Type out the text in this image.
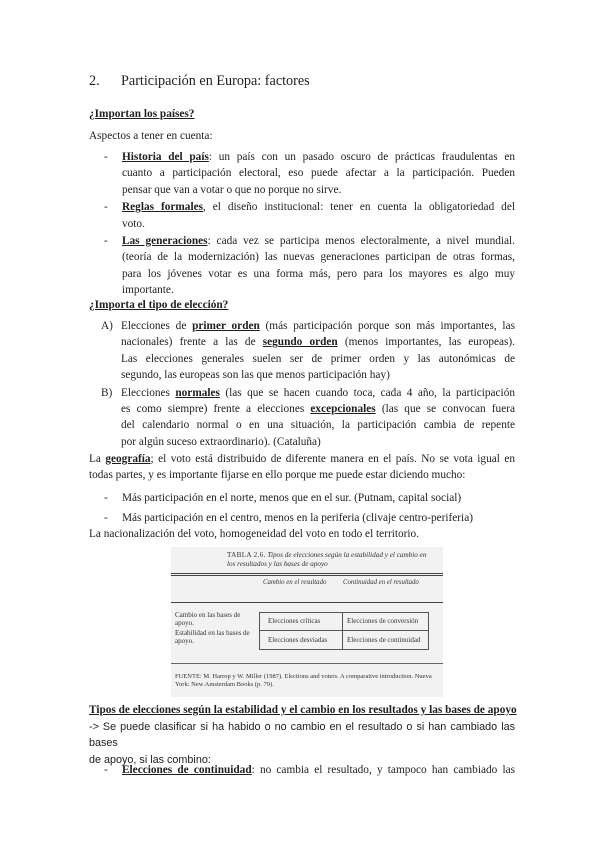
2. Participación en Europa: factores
¿Importan los países?
Aspectos a tener en cuenta:
-	Historia del país: un país con un pasado oscuro de prácticas fraudulentas en
cuanto a participación electoral, eso puede afectar a la participación. Pueden
pensar que van a votar o que no porque no sirve.
-	Reglas formales, el diseño institucional: tener en cuenta la obligatoriedad del
voto.
-	Las generaciones: cada vez se participa menos electoralmente, a nivel mundial.
(teoría de la modernización) las nuevas generaciones participan de otras formas,
para los jóvenes votar es una forma más, pero para los mayores es algo muy
importante.
¿Importa el tipo de elección?
A) Elecciones de primer orden (más participación porque son más importantes, las
nacionales) frente a las de segundo orden (menos importantes, las europeas).
Las elecciones generales suelen ser de primer orden y las autonómicas de
segundo, las europeas son las que menos participación hay)
B) Elecciones normales (las que se hacen cuando toca, cada 4 año, la participación
es como siempre) frente a elecciones excepcionales (las que se convocan fuera
del calendario normal o en una situación, la participación cambia de repente
por algún suceso extraordinario). (Cataluña)
La geografía; el voto está distribuido de diferente manera en el país. No se vota igual en
todas partes, y es importante fijarse en ello porque me puede estar diciendo mucho:
-	Más participación en el norte, menos que en el sur. (Putnam, capital social)
-	Más participación en el centro, menos en la periferia (clivaje centro-periferia)
La nacionalización del voto, homogeneidad del voto en todo el territorio.
TABLA 2.6. Tipos de elecciones según la estabilidad y el cambio en los resultados y las bases de apoyo
Cambio en el resultado	Continuidad en el resultado
Cambio en las bases de apoyo.
Estabilidad en las bases de apoyo.
Elecciones críticas	Elecciones de conversión
Elecciones desviadas	Elecciones de continuidad
FUENTE: M. Harrop y W. Miller (1987). Elections and voters. A comparative introduction. Nueva York: New Amsterdam Books (p. 79).
Tipos de elecciones según la estabilidad y el cambio en los resultados y las bases de apoyo
-> Se puede clasificar si ha habido o no cambio en el resultado o si han cambiado las bases
de apoyo, si las combino:
-	Elecciones de continuidad: no cambia el resultado, y tampoco han cambiado las
